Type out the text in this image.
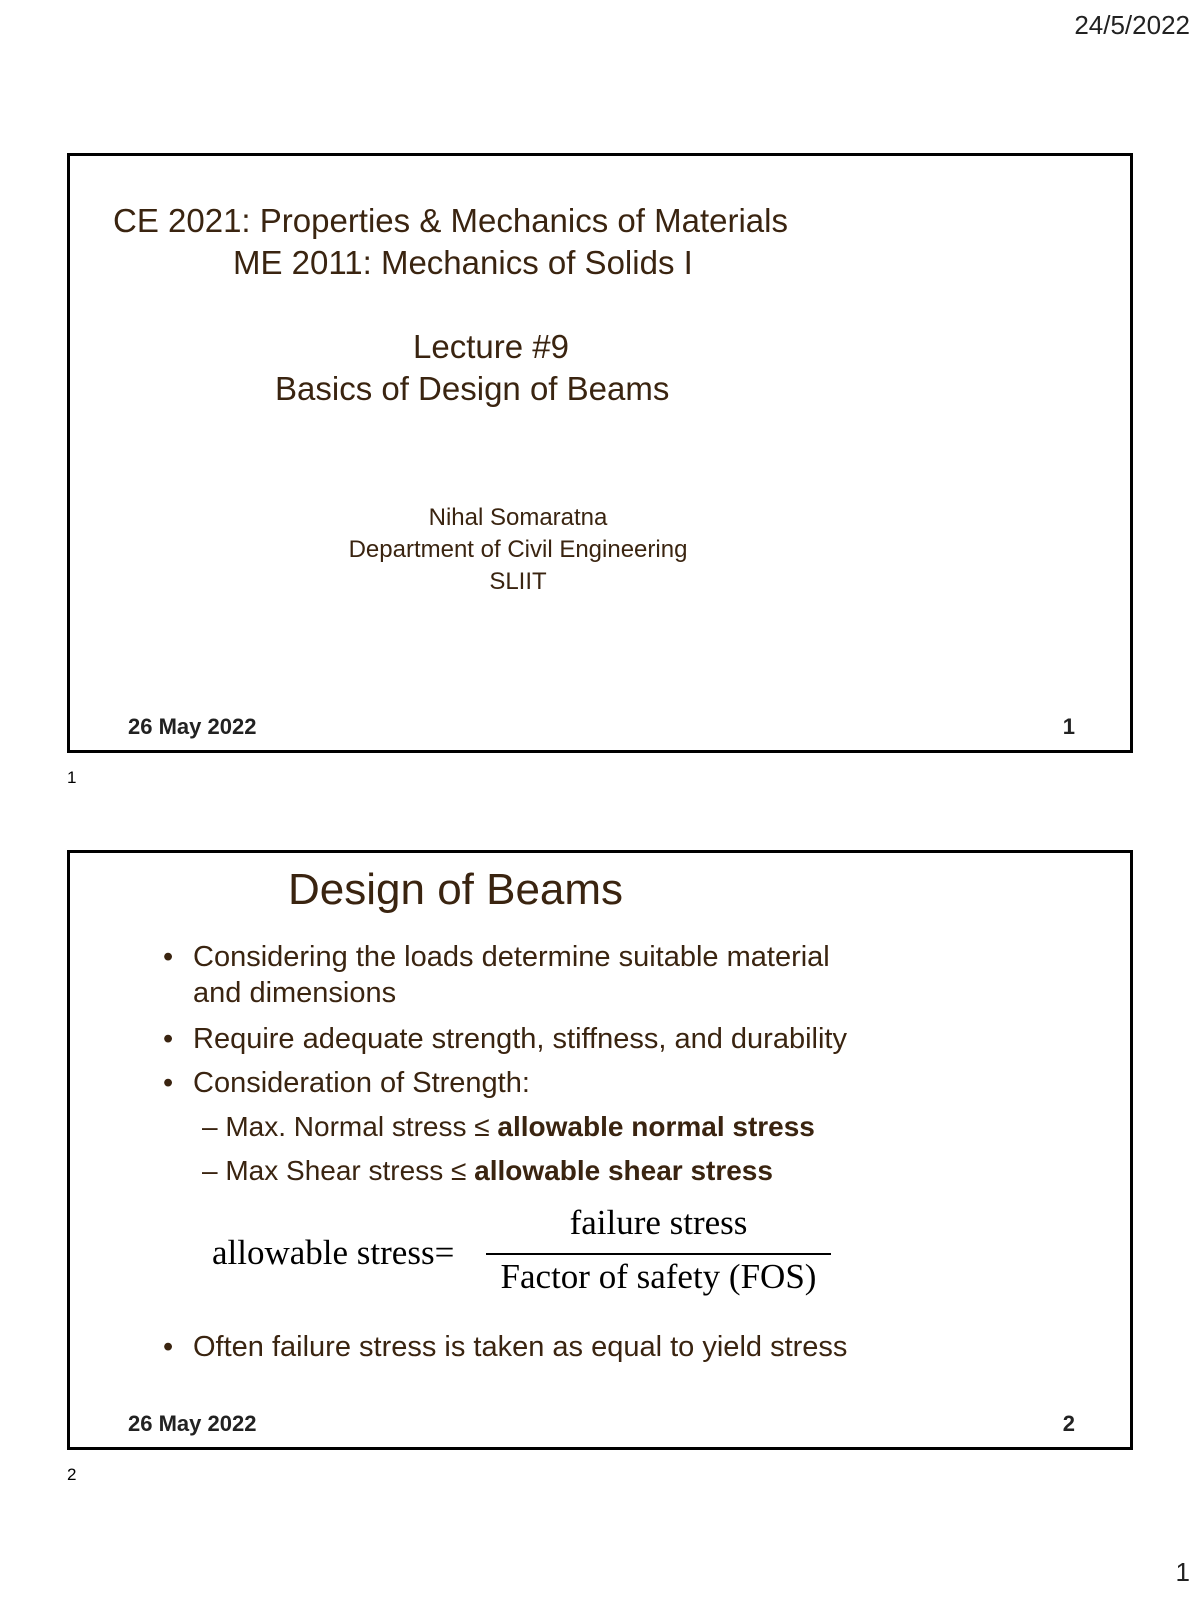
24/5/2022
CE 2021: Properties & Mechanics of Materials
ME 2011: Mechanics of Solids I
Lecture #9
Basics of Design of Beams
Nihal Somaratna
Department of Civil Engineering
SLIIT
26 May 2022	1
1
Design of Beams
• Considering the loads determine suitable material
and dimensions
• Require adequate strength, stiffness, and durability
• Consideration of Strength:
– Max. Normal stress ≤ allowable normal stress
– Max Shear stress ≤ allowable shear stress
allowable stress=
failure stress
Factor of safety (FOS)
• Often failure stress is taken as equal to yield stress
26 May 2022	2
2
1
